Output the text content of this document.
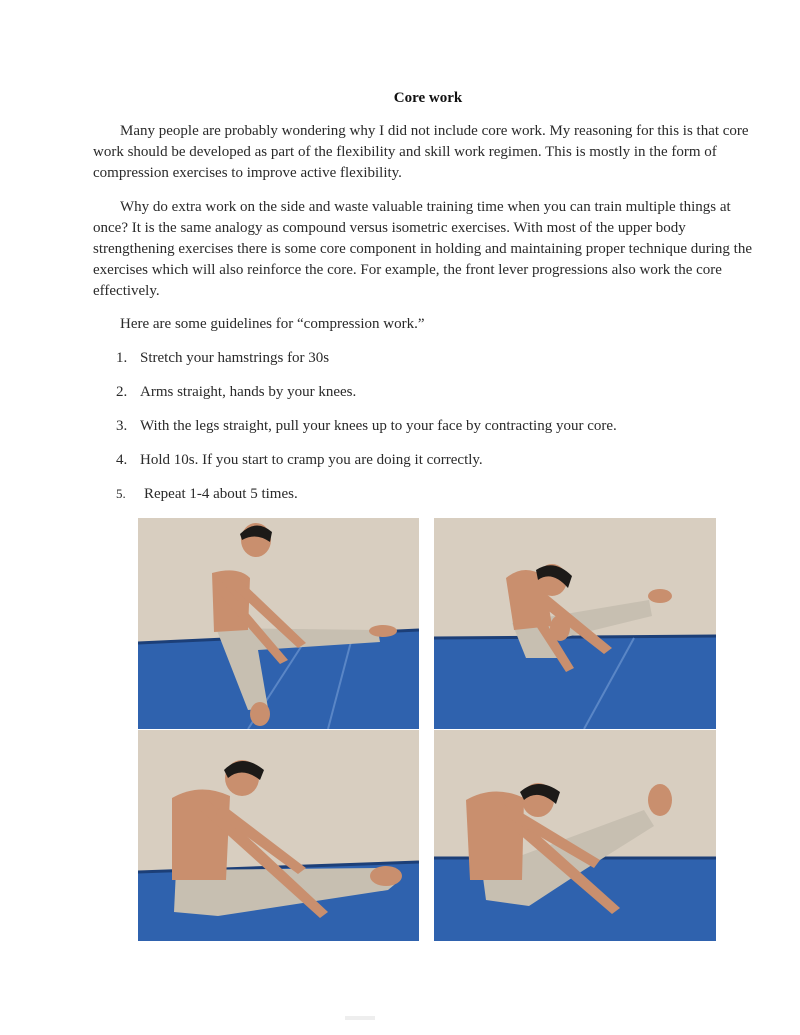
Core work
Many people are probably wondering why I did not include core work. My reasoning for this is that core work should be developed as part of the flexibility and skill work regimen. This is mostly in the form of compression exercises to improve active flexibility.
Why do extra work on the side and waste valuable training time when you can train multiple things at once? It is the same analogy as compound versus isometric exercises. With most of the upper body strengthening exercises there is some core component in holding and maintaining proper technique during the exercises which will also reinforce the core. For example, the front lever progressions also work the core effectively.
Here are some guidelines for “compression work.”
1. Stretch your hamstrings for 30s
2. Arms straight, hands by your knees.
3. With the legs straight, pull your knees up to your face by contracting your core.
4. Hold 10s. If you start to cramp you are doing it correctly.
5. Repeat 1-4 about 5 times.
